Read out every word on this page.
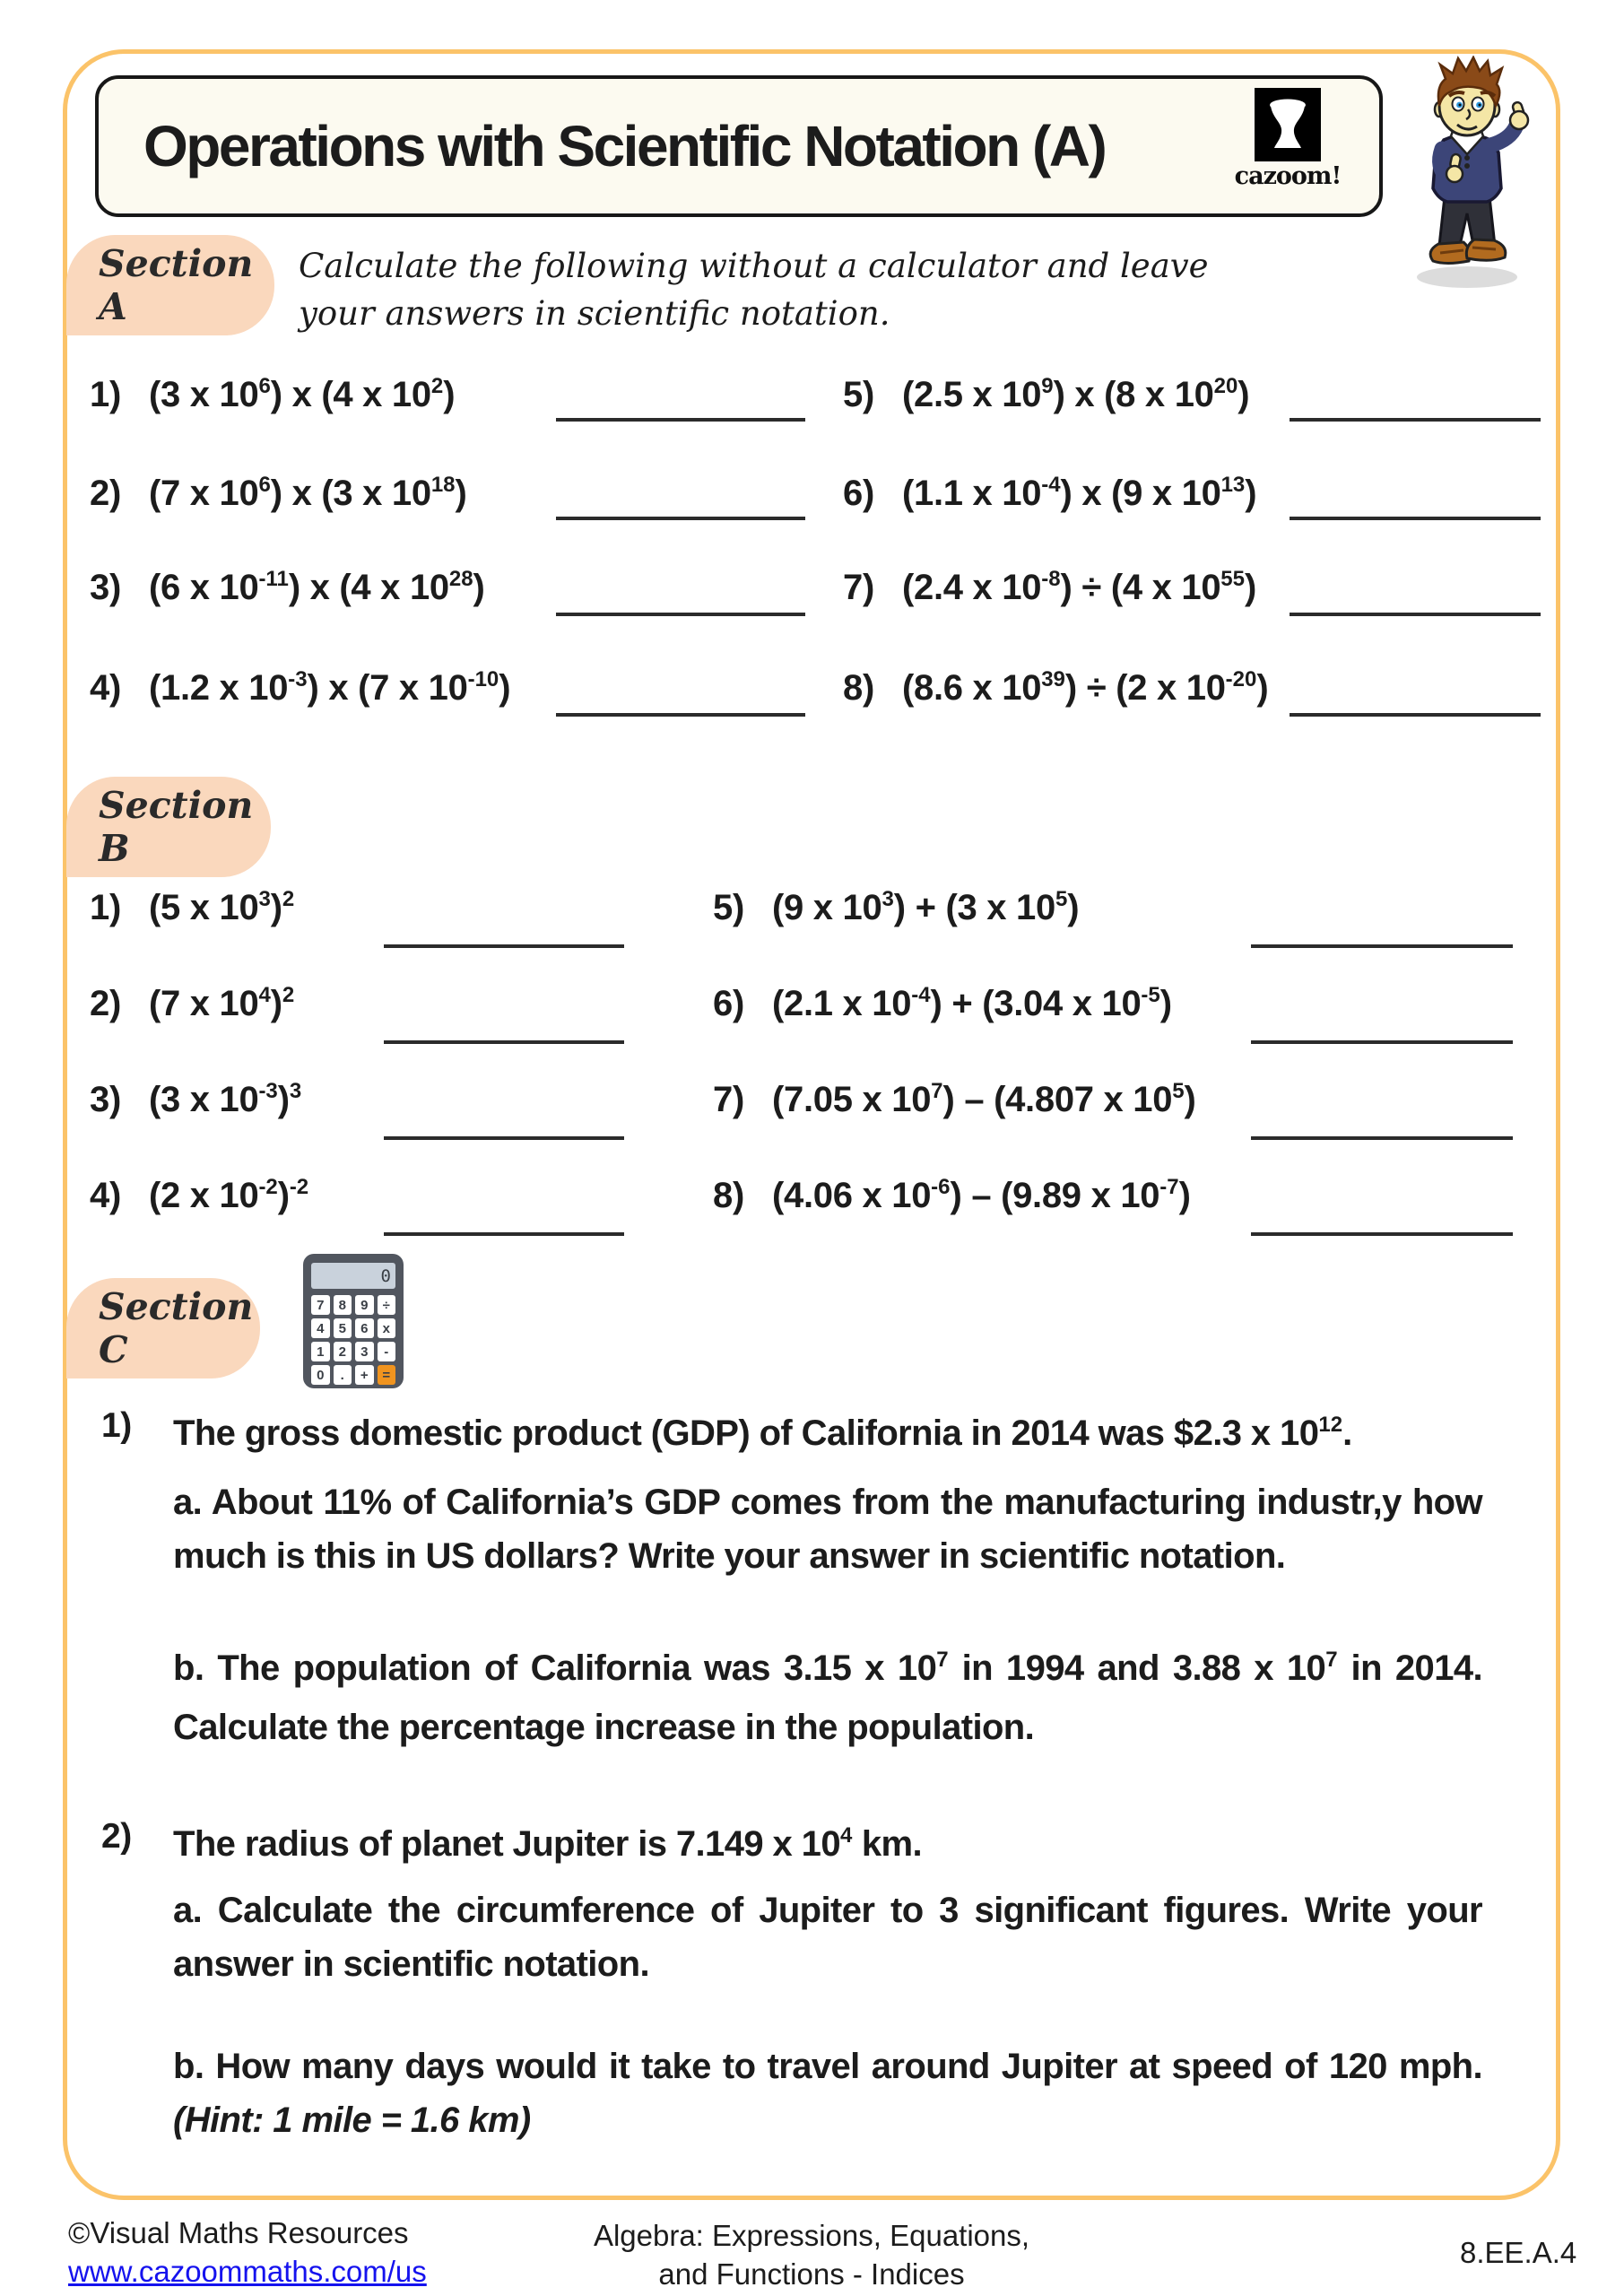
Operations with Scientific Notation (A)	cazoom!
Section A
Calculate the following without a calculator and leave your answers in scientific notation.
1) (3 x $10^6$) x (4 x $10^2$)
2) (7 x $10^6$) x (3 x $10^{18}$)
3) (6 x $10^{-11}$) x (4 x $10^{28}$)
4) (1.2 x $10^{-3}$) x (7 x $10^{-10}$)
5) (2.5 x $10^9$) x (8 x $10^{20}$)
6) (1.1 x $10^{-4}$) x (9 x $10^{13}$)
7) (2.4 x $10^{-8}) \div (4$ x $10^{55}$)
8) (8.6 x $10^{39}) \div (2$ x $10^{-20}$)
Section B
1) (5 x $10^3)^2$
2) (7 x $10^4)^2$
3) (3 x $10^{-3})^3$
4) (2 x $10^{-2})^{-2}$
5) (9 x $10^3) + (3$ x $10^5$)
6) (2.1 x $10^{-4}) + (3.04$ x $10^{-5}$)
7) (7.05 x $10^7) - (4.807$ x $10^5$)
8) (4.06 x $10^{-6}) - (9.89$ x $10^{-7}$)
Section C
0
7	8	9	÷
4	5	6	x
1	2	3	-
0	.	+	=
1) The gross domestic product (GDP) of California in 2014 was $2.3 x $10^{12}$.
a. About 11% of California’s GDP comes from the manufacturing industr,y how much is this in US dollars? Write your answer in scientific notation.
b. The population of California was 3.15 x $10^7$ in 1994 and 3.88 x $10^7$ in 2014. Calculate the percentage increase in the population.
2) The radius of planet Jupiter is 7.149 x $10^4$ km.
a. Calculate the circumference of Jupiter to 3 significant figures. Write your answer in scientific notation.
b. How many days would it take to travel around Jupiter at speed of 120 mph.(Hint: 1 mile = 1.6 km)
©Visual Maths Resources
www.cazoommaths.com/us
Algebra: Expressions, Equations,
and Functions - Indices
8.EE.A.4
